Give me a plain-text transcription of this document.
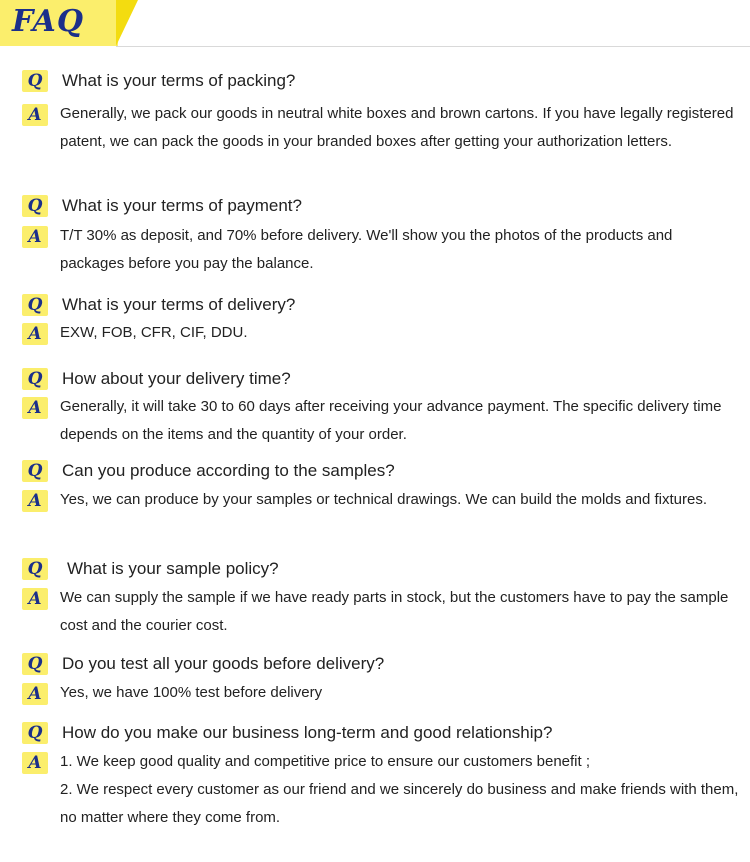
FAQ
Q	What is your terms of packing?
A	Generally, we pack our goods in neutral white boxes and brown cartons. If you have legally registered patent, we can pack the goods in your branded boxes after getting your authorization letters.

Q	What is your terms of payment?
A	T/T 30% as deposit, and 70% before delivery. We'll show you the photos of the products and packages before you pay the balance.

Q	What is your terms of delivery?
A	EXW, FOB, CFR, CIF, DDU.

Q	How about your delivery time?
A	Generally, it will take 30 to 60 days after receiving your advance payment. The specific delivery time depends on the items and the quantity of your order.

Q	Can you produce according to the samples?
A	Yes, we can produce by your samples or technical drawings. We can build the molds and fixtures.

Q	What is your sample policy?
A	We can supply the sample if we have ready parts in stock, but the customers have to pay the sample cost and the courier cost.

Q	Do you test all your goods before delivery?
A	Yes, we have 100% test before delivery

Q	How do you make our business long-term and good relationship?
A	1. We keep good quality and competitive price to ensure our customers benefit ;

2. We respect every customer as our friend and we sincerely do business and make friends with them, no matter where they come from.
